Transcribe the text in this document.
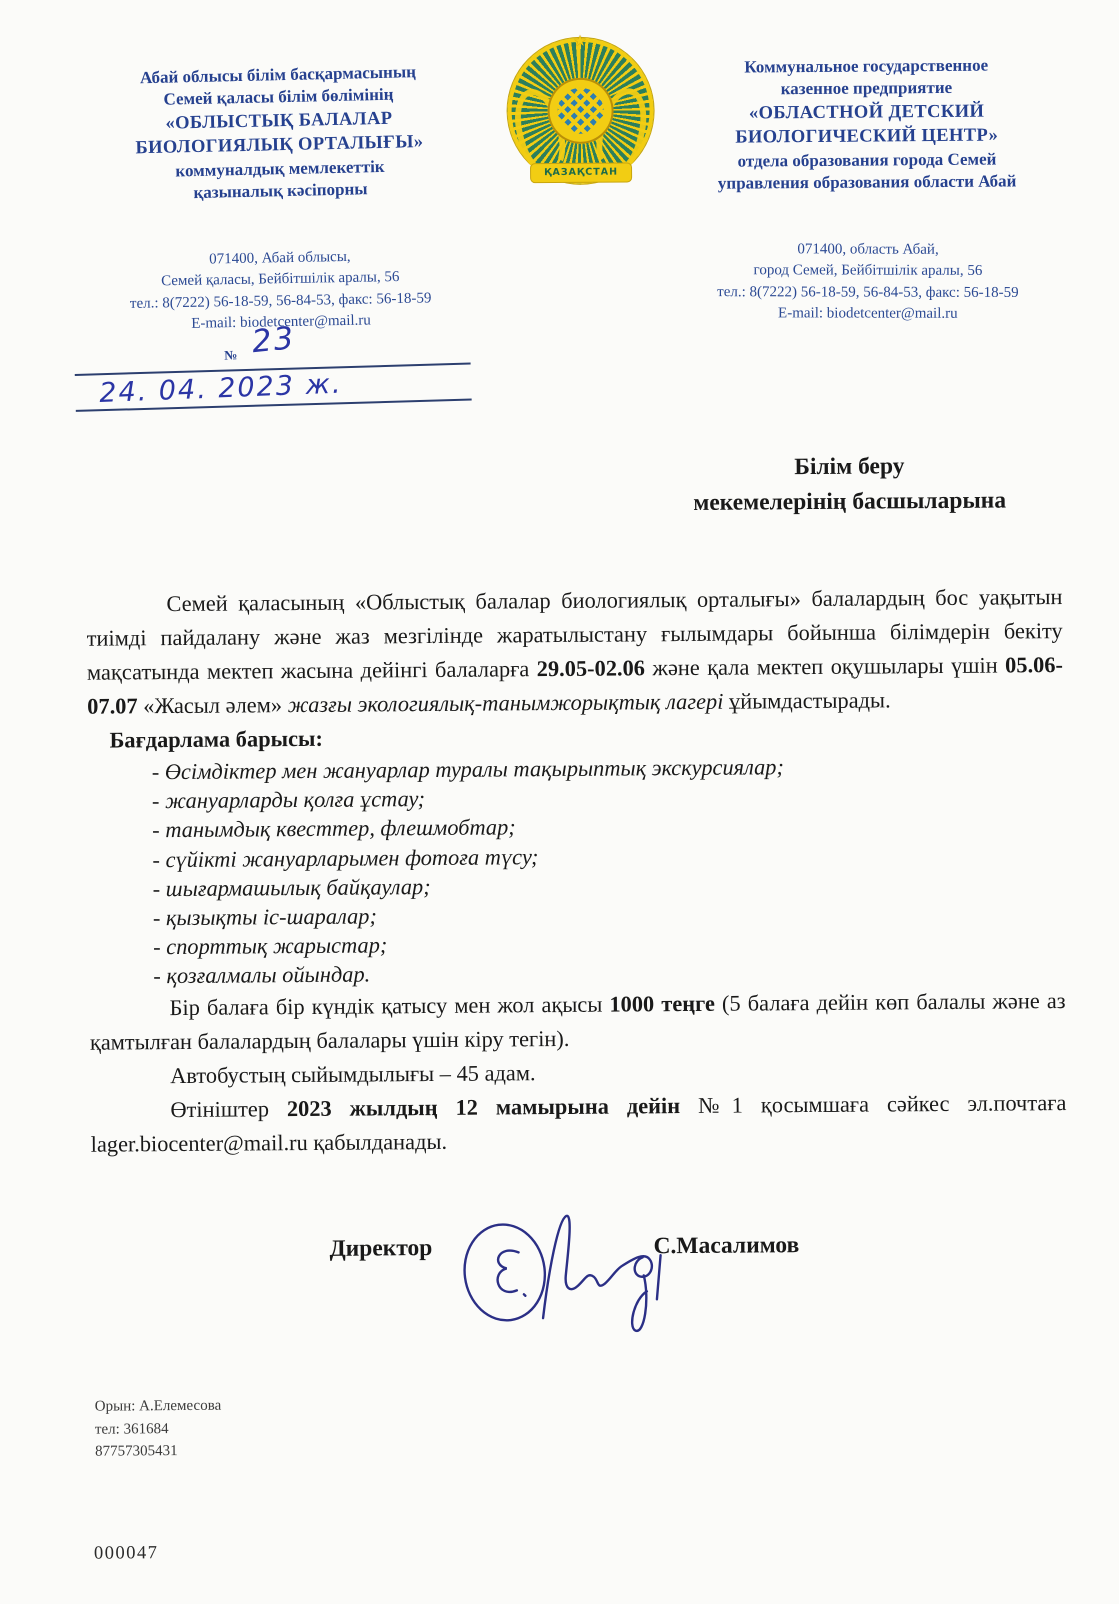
Абай облысы білім басқармасының
Семей қаласы білім бөлімінің
«ОБЛЫСТЫҚ БАЛАЛАР
БИОЛОГИЯЛЫҚ ОРТАЛЫҒЫ»
коммуналдық мемлекеттік
қазыналық кәсіпорны
★
ҚАЗАҚСТАН
Коммунальное государственное
казенное предприятие
«ОБЛАСТНОЙ ДЕТСКИЙ
БИОЛОГИЧЕСКИЙ ЦЕНТР»
отдела образования города Семей
управления образования области Абай
071400, Абай облысы,
Семей қаласы, Бейбітшілік аралы, 56
тел.: 8(7222) 56-18-59, 56-84-53, факс: 56-18-59
E-mail: biodetcenter@mail.ru
071400, область Абай,
город Семей, Бейбітшілік аралы, 56
тел.: 8(7222) 56-18-59, 56-84-53, факс: 56-18-59
E-mail: biodetcenter@mail.ru
№ 23
24. 04. 2023 ж.
Білім беру
мекемелерінің басшыларына

Семей қаласының «Облыстық балалар биологиялық орталығы» балалардың бос уақытын тиімді пайдалану және жаз мезгілінде жаратылыстану ғылымдары бойынша білімдерін бекіту мақсатында мектеп жасына дейінгі балаларға 29.05-02.06 және қала мектеп оқушылары үшін 05.06-07.07 «Жасыл әлем» жазғы экологиялық-танымжорықтық лагері ұйымдастырады.

Бағдарлама барысы:

- Өсімдіктер мен жануарлар туралы тақырыптық экскурсиялар;
- жануарларды қолға ұстау;
- танымдық квесттер, флешмобтар;
- сүйікті жануарларымен фотоға түсу;
- шығармашылық байқаулар;
- қызықты іс-шаралар;
- спорттық жарыстар;
- қозғалмалы ойындар.

Бір балаға бір күндік қатысу мен жол ақысы 1000 теңге (5 балаға дейін көп балалы және аз қамтылған балалардың балалары үшін кіру тегін).

Автобустың сыйымдылығы – 45 адам.

Өтініштер 2023 жылдың 12 мамырына дейін №1 қосымшаға сәйкес эл.почтаға lager.biocenter@mail.ru қабылданады.

Директор	С.Масалимов
Орын: А.Елемесова
тел: 361684
87757305431
000047
